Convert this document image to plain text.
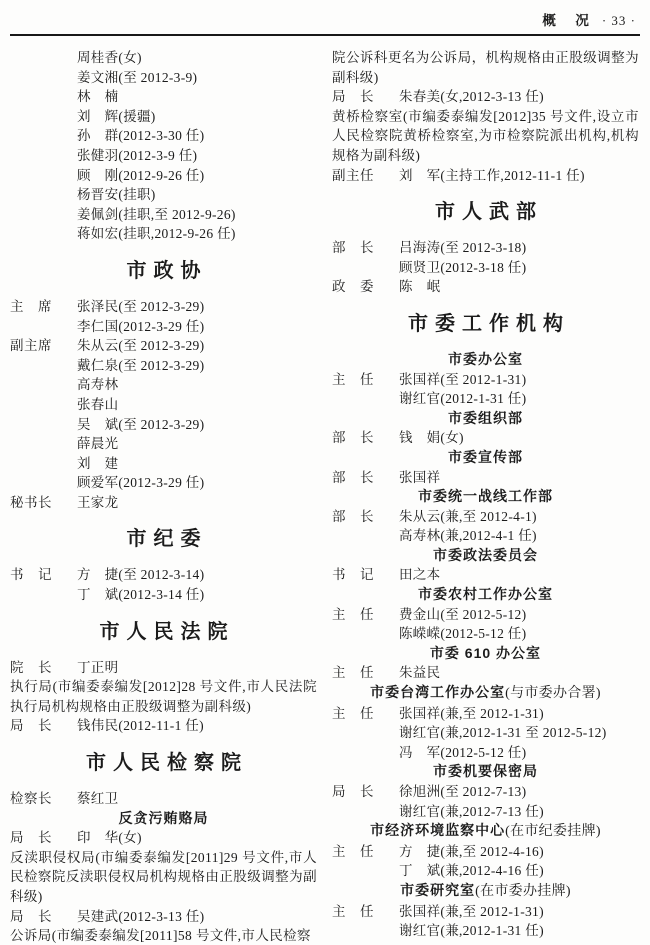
概　况 · 33 ·
周桂香(女)
姜文湘(至 2012-3-9)
林　楠
刘　辉(援疆)
孙　群(2012-3-30 任)
张健羽(2012-3-9 任)
顾　刚(2012-9-26 任)
杨晋安(挂职)
姜佩剑(挂职,至 2012-9-26)
蒋如宏(挂职,2012-9-26 任)
市政协
主　席	张泽民(至 2012-3-29)
李仁国(2012-3-29 任)
副主席	朱从云(至 2012-3-29)
戴仁泉(至 2012-3-29)
高寿林
张春山
吴　斌(至 2012-3-29)
薛晨光
刘　建
顾爱军(2012-3-29 任)
秘书长	王家龙
市纪委
书　记	方　捷(至 2012-3-14)
丁　斌(2012-3-14 任)
市人民法院
院　长	丁正明

执行局(市编委泰编发[2012]28 号文件,市人民法院执行局机构规格由正股级调整为副科级)

局　长	钱伟民(2012-11-1 任)
市人民检察院
检察长	蔡红卫
反贪污贿赂局
局　长	印　华(女)

反渎职侵权局(市编委泰编发[2011]29 号文件,市人民检察院反渎职侵权局机构规格由正股级调整为副科级)

局　长	吴建武(2012-3-13 任)

公诉局(市编委泰编发[2011]58 号文件,市人民检察

院公诉科更名为公诉局，机构规格由正股级调整为副科级)

局　长	朱春美(女,2012-3-13 任)

黄桥检察室(市编委泰编发[2012]35 号文件,设立市人民检察院黄桥检察室,为市检察院派出机构,机构规格为副科级)

副主任	刘　军(主持工作,2012-11-1 任)
市人武部
部　长	吕海涛(至 2012-3-18)
顾贤卫(2012-3-18 任)
政　委	陈　岷
市委工作机构
市委办公室
主　任	张国祥(至 2012-1-31)
谢红官(2012-1-31 任)
市委组织部
部　长	钱　娟(女)
市委宣传部
部　长	张国祥
市委统一战线工作部
部　长	朱从云(兼,至 2012-4-1)
高寿林(兼,2012-4-1 任)
市委政法委员会
书　记	田之本
市委农村工作办公室
主　任	费金山(至 2012-5-12)
陈嵘嵘(2012-5-12 任)
市委 610 办公室
主　任	朱益民
市委台湾工作办公室(与市委办合署)
主　任	张国祥(兼,至 2012-1-31)
谢红官(兼,2012-1-31 至 2012-5-12)
冯　军(2012-5-12 任)
市委机要保密局
局　长	徐旭洲(至 2012-7-13)
谢红官(兼,2012-7-13 任)
市经济环境监察中心(在市纪委挂牌)
主　任	方　捷(兼,至 2012-4-16)
丁　斌(兼,2012-4-16 任)
市委研究室(在市委办挂牌)
主　任	张国祥(兼,至 2012-1-31)
谢红官(兼,2012-1-31 任)
